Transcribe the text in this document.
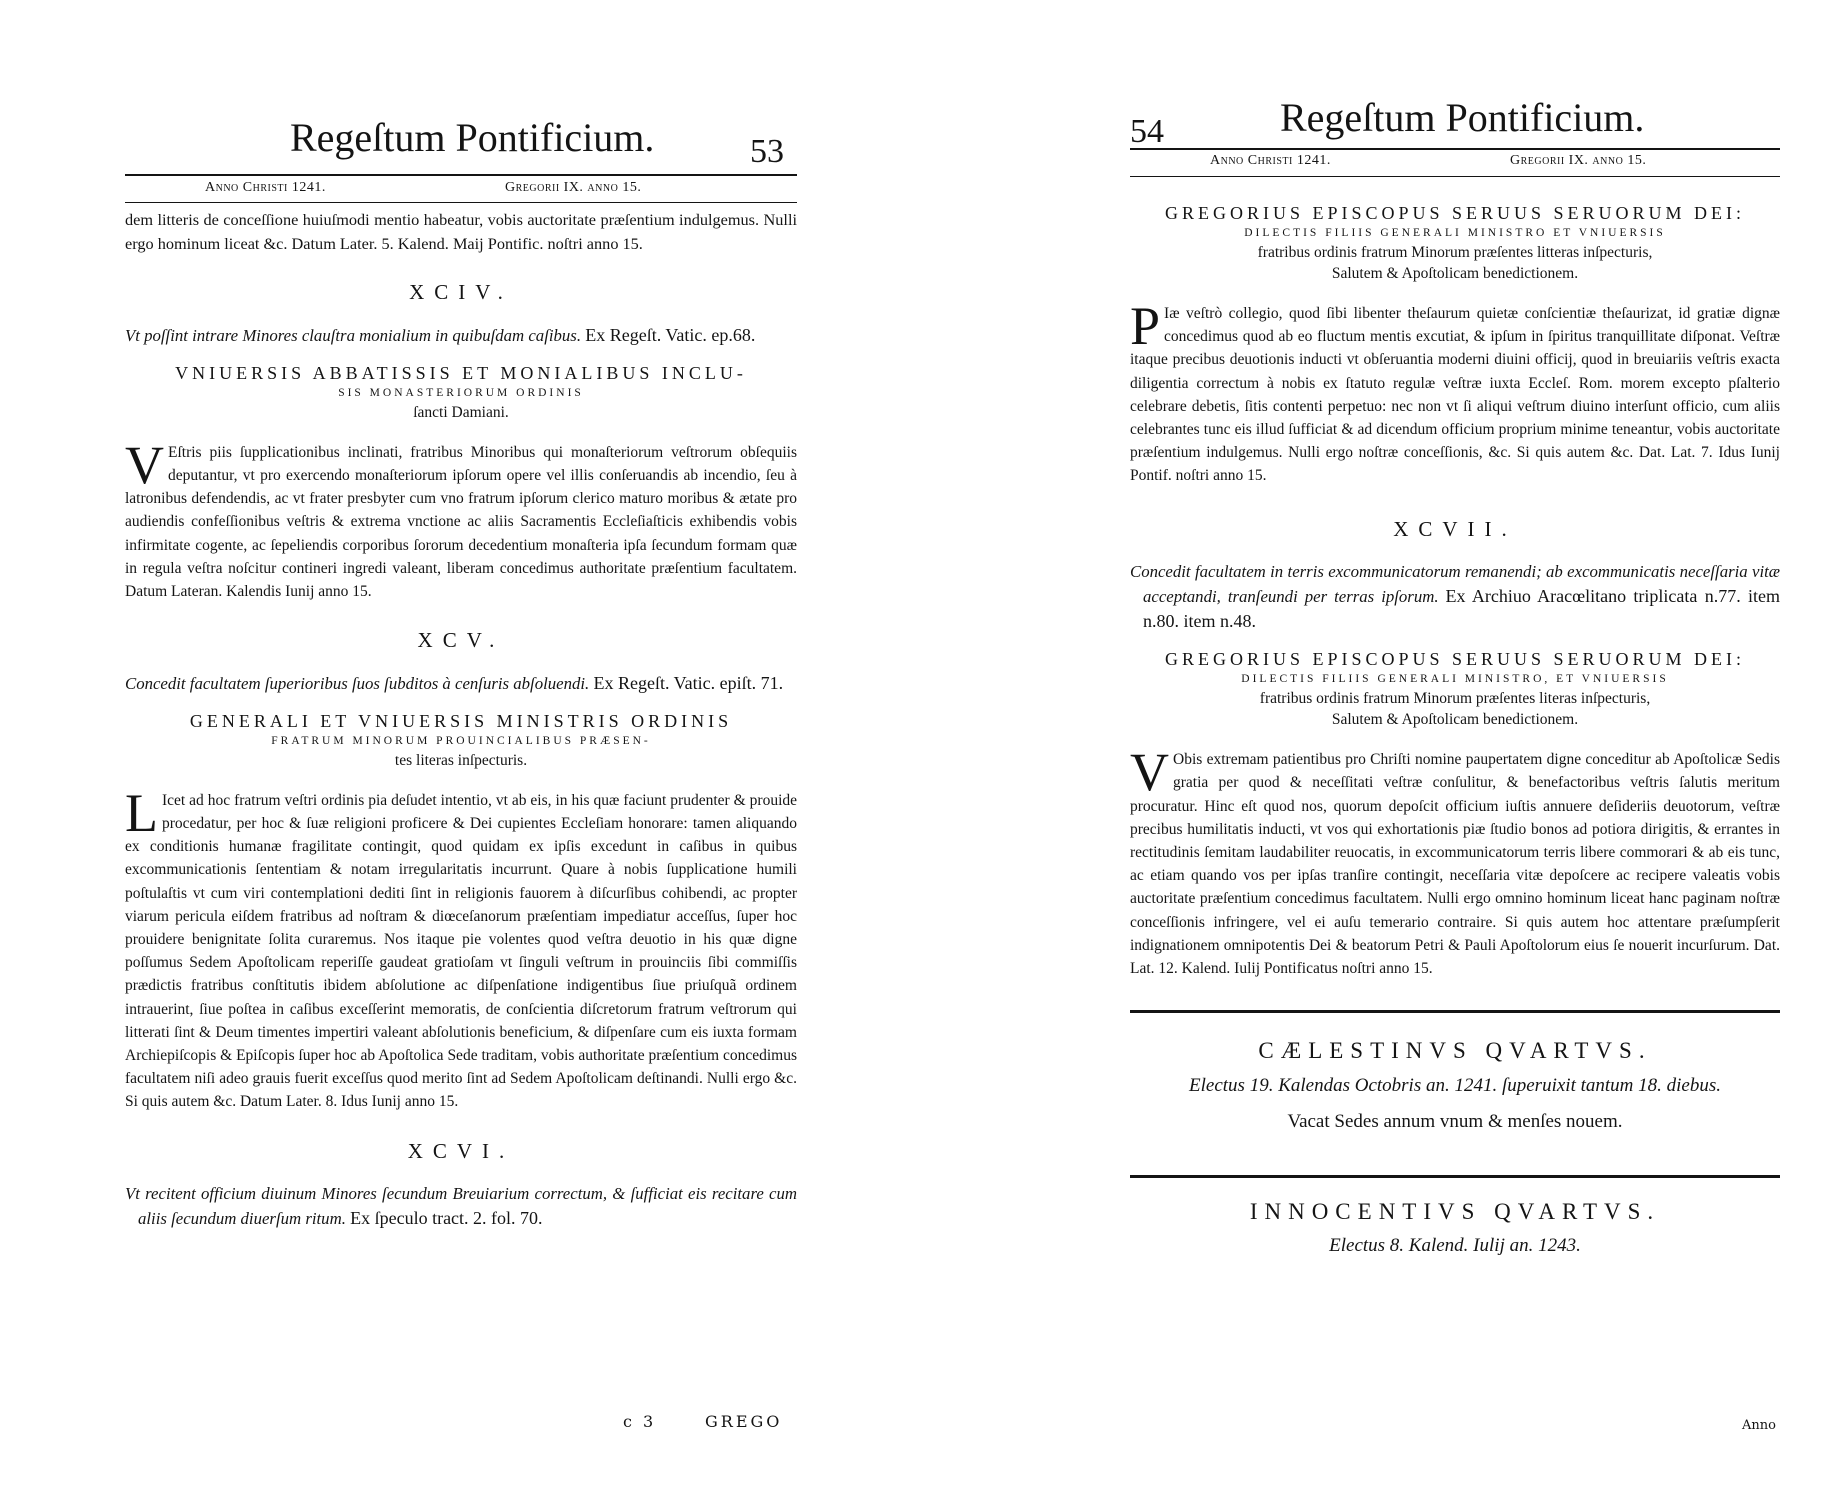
Regeſtum Pontificium.	53
Anno Christi 1241.	Gregorii IX. anno 15.

dem litteris de conceſſione huiuſmodi mentio habeatur, vobis auctoritate præſentium indulgemus. Nulli ergo hominum liceat &c. Datum Later. 5. Kalend. Maij Pontific. noſtri anno 15.

XCIV.

Vt poſſint intrare Minores clauſtra monialium in quibuſdam caſibus. Ex Regeſt. Vatic. ep.68.

VNIUERSIS ABBATISSIS ET MONIALIBUS INCLU-
SIS MONASTERIORUM ORDINIS
ſancti Damiani.

V Eſtris piis ſupplicationibus inclinati, fratribus Minoribus qui monaſteriorum veſtrorum obſequiis deputantur, vt pro exercendo monaſteriorum ipſorum opere vel illis conſeruandis ab incendio, ſeu à latronibus defendendis, ac vt frater presbyter cum vno fratrum ipſorum clerico maturo moribus & ætate pro audiendis confeſſionibus veſtris & extrema vnctione ac aliis Sacramentis Eccleſiaſticis exhibendis vobis infirmitate cogente, ac ſepeliendis corporibus ſororum decedentium monaſteria ipſa ſecundum formam quæ in regula veſtra noſcitur contineri ingredi valeant, liberam concedimus authoritate præſentium facultatem. Datum Lateran. Kalendis Iunij anno 15.

XCV.

Concedit facultatem ſuperioribus ſuos ſubditos à cenſuris abſoluendi. Ex Regeſt. Vatic. epiſt. 71.

GENERALI ET VNIUERSIS MINISTRIS ORDINIS
FRATRUM MINORUM PROUINCIALIBUS PRÆSEN-
tes literas inſpecturis.

L Icet ad hoc fratrum veſtri ordinis pia deſudet intentio, vt ab eis, in his quæ faciunt prudenter & prouide procedatur, per hoc & ſuæ religioni proficere & Dei cupientes Eccleſiam honorare: tamen aliquando ex conditionis humanæ fragilitate contingit, quod quidam ex ipſis excedunt in caſibus in quibus excommunicationis ſententiam & notam irregularitatis incurrunt. Quare à nobis ſupplicatione humili poſtulaſtis vt cum viri contemplationi dediti ſint in religionis fauorem à diſcurſibus cohibendi, ac propter viarum pericula eiſdem fratribus ad noſtram & diœceſanorum præſentiam impediatur acceſſus, ſuper hoc prouidere benignitate ſolita curaremus. Nos itaque pie volentes quod veſtra deuotio in his quæ digne poſſumus Sedem Apoſtolicam reperiſſe gaudeat gratioſam vt ſinguli veſtrum in prouinciis ſibi commiſſis prædictis fratribus conſtitutis ibidem abſolutione ac diſpenſatione indigentibus ſiue priuſquã ordinem intrauerint, ſiue poſtea in caſibus exceſſerint memoratis, de conſcientia diſcretorum fratrum veſtrorum qui litterati ſint & Deum timentes impertiri valeant abſolutionis beneficium, & diſpenſare cum eis iuxta formam Archiepiſcopis & Epiſcopis ſuper hoc ab Apoſtolica Sede traditam, vobis authoritate præſentium concedimus facultatem niſi adeo grauis fuerit exceſſus quod merito ſint ad Sedem Apoſtolicam deſtinandi. Nulli ergo &c. Si quis autem &c. Datum Later. 8. Idus Iunij anno 15.

XCVI.

Vt recitent officium diuinum Minores ſecundum Breuiarium correctum, & ſufficiat eis recitare cum aliis ſecundum diuerſum ritum. Ex ſpeculo tract. 2. fol. 70.

c 3	GREGO
54	Regeſtum Pontificium.
Anno Christi 1241.	Gregorii IX. anno 15.
GREGORIUS EPISCOPUS SERUUS SERUORUM DEI:
DILECTIS FILIIS GENERALI MINISTRO ET VNIUERSIS
fratribus ordinis fratrum Minorum præſentes litteras inſpecturis,
Salutem & Apoſtolicam benedictionem.

P Iæ veſtrò collegio, quod ſibi libenter theſaurum quietæ conſcientiæ theſaurizat, id gratiæ dignæ concedimus quod ab eo fluctum mentis excutiat, & ipſum in ſpiritus tranquillitate diſponat. Veſtræ itaque precibus deuotionis inducti vt obſeruantia moderni diuini officij, quod in breuiariis veſtris exacta diligentia correctum à nobis ex ſtatuto regulæ veſtræ iuxta Eccleſ. Rom. morem excepto pſalterio celebrare debetis, ſitis contenti perpetuo: nec non vt ſi aliqui veſtrum diuino interſunt officio, cum aliis celebrantes tunc eis illud ſufficiat & ad dicendum officium proprium minime teneantur, vobis auctoritate præſentium indulgemus. Nulli ergo noſtræ conceſſionis, &c. Si quis autem &c. Dat. Lat. 7. Idus Iunij Pontif. noſtri anno 15.

XCVII.

Concedit facultatem in terris excommunicatorum remanendi; ab excommunicatis neceſſaria vitæ acceptandi, tranſeundi per terras ipſorum. Ex Archiuo Aracœlitano triplicata n.77. item n.80. item n.48.

GREGORIUS EPISCOPUS SERUUS SERUORUM DEI:
DILECTIS FILIIS GENERALI MINISTRO, ET VNIUERSIS
fratribus ordinis fratrum Minorum præſentes literas inſpecturis,
Salutem & Apoſtolicam benedictionem.

V Obis extremam patientibus pro Chriſti nomine paupertatem digne conceditur ab Apoſtolicæ Sedis gratia per quod & neceſſitati veſtræ conſulitur, & benefactoribus veſtris ſalutis meritum procuratur. Hinc eſt quod nos, quorum depoſcit officium iuſtis annuere deſideriis deuotorum, veſtræ precibus humilitatis inducti, vt vos qui exhortationis piæ ſtudio bonos ad potiora dirigitis, & errantes in rectitudinis ſemitam laudabiliter reuocatis, in excommunicatorum terris libere commorari & ab eis tunc, ac etiam quando vos per ipſas tranſire contingit, neceſſaria vitæ depoſcere ac recipere valeatis vobis auctoritate præſentium concedimus facultatem. Nulli ergo omnino hominum liceat hanc paginam noſtræ conceſſionis infringere, vel ei auſu temerario contraire. Si quis autem hoc attentare præſumpſerit indignationem omnipotentis Dei & beatorum Petri & Pauli Apoſtolorum eius ſe nouerit incurſurum. Dat. Lat. 12. Kalend. Iulij Pontificatus noſtri anno 15.

CÆLESTINVS QVARTVS.
Electus 19. Kalendas Octobris an. 1241. ſuperuixit tantum 18. diebus.
Vacat Sedes annum vnum & menſes nouem.
INNOCENTIVS QVARTVS.
Electus 8. Kalend. Iulij an. 1243.
Anno
